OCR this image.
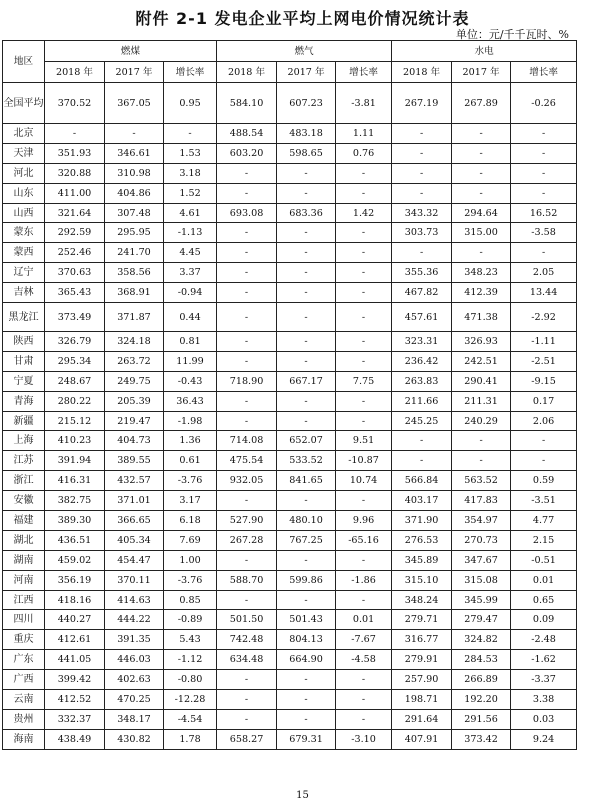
附件 2-1 发电企业平均上网电价情况统计表
单位：元/千千瓦时、%
地区	燃煤			燃气			水电		
	2018 年	2017 年	增长率	2018 年	2017 年	增长率	2018 年	2017 年	增长率
全国平均	370.52	367.05	0.95	584.10	607.23	-3.81	267.19	267.89	-0.26
北京	-	-	-	488.54	483.18	1.11	-	-	-
天津	351.93	346.61	1.53	603.20	598.65	0.76	-	-	-
河北	320.88	310.98	3.18	-	-	-	-	-	-
山东	411.00	404.86	1.52	-	-	-	-	-	-
山西	321.64	307.48	4.61	693.08	683.36	1.42	343.32	294.64	16.52
蒙东	292.59	295.95	-1.13	-	-	-	303.73	315.00	-3.58
蒙西	252.46	241.70	4.45	-	-	-	-	-	-
辽宁	370.63	358.56	3.37	-	-	-	355.36	348.23	2.05
吉林	365.43	368.91	-0.94	-	-	-	467.82	412.39	13.44
黑龙江	373.49	371.87	0.44	-	-	-	457.61	471.38	-2.92
陕西	326.79	324.18	0.81	-	-	-	323.31	326.93	-1.11
甘肃	295.34	263.72	11.99	-	-	-	236.42	242.51	-2.51
宁夏	248.67	249.75	-0.43	718.90	667.17	7.75	263.83	290.41	-9.15
青海	280.22	205.39	36.43	-	-	-	211.66	211.31	0.17
新疆	215.12	219.47	-1.98	-	-	-	245.25	240.29	2.06
上海	410.23	404.73	1.36	714.08	652.07	9.51	-	-	-
江苏	391.94	389.55	0.61	475.54	533.52	-10.87	-	-	-
浙江	416.31	432.57	-3.76	932.05	841.65	10.74	566.84	563.52	0.59
安徽	382.75	371.01	3.17	-	-	-	403.17	417.83	-3.51
福建	389.30	366.65	6.18	527.90	480.10	9.96	371.90	354.97	4.77
湖北	436.51	405.34	7.69	267.28	767.25	-65.16	276.53	270.73	2.15
湖南	459.02	454.47	1.00	-	-	-	345.89	347.67	-0.51
河南	356.19	370.11	-3.76	588.70	599.86	-1.86	315.10	315.08	0.01
江西	418.16	414.63	0.85	-	-	-	348.24	345.99	0.65
四川	440.27	444.22	-0.89	501.50	501.43	0.01	279.71	279.47	0.09
重庆	412.61	391.35	5.43	742.48	804.13	-7.67	316.77	324.82	-2.48
广东	441.05	446.03	-1.12	634.48	664.90	-4.58	279.91	284.53	-1.62
广西	399.42	402.63	-0.80	-	-	-	257.90	266.89	-3.37
云南	412.52	470.25	-12.28	-	-	-	198.71	192.20	3.38
贵州	332.37	348.17	-4.54	-	-	-	291.64	291.56	0.03
海南	438.49	430.82	1.78	658.27	679.31	-3.10	407.91	373.42	9.24
15
